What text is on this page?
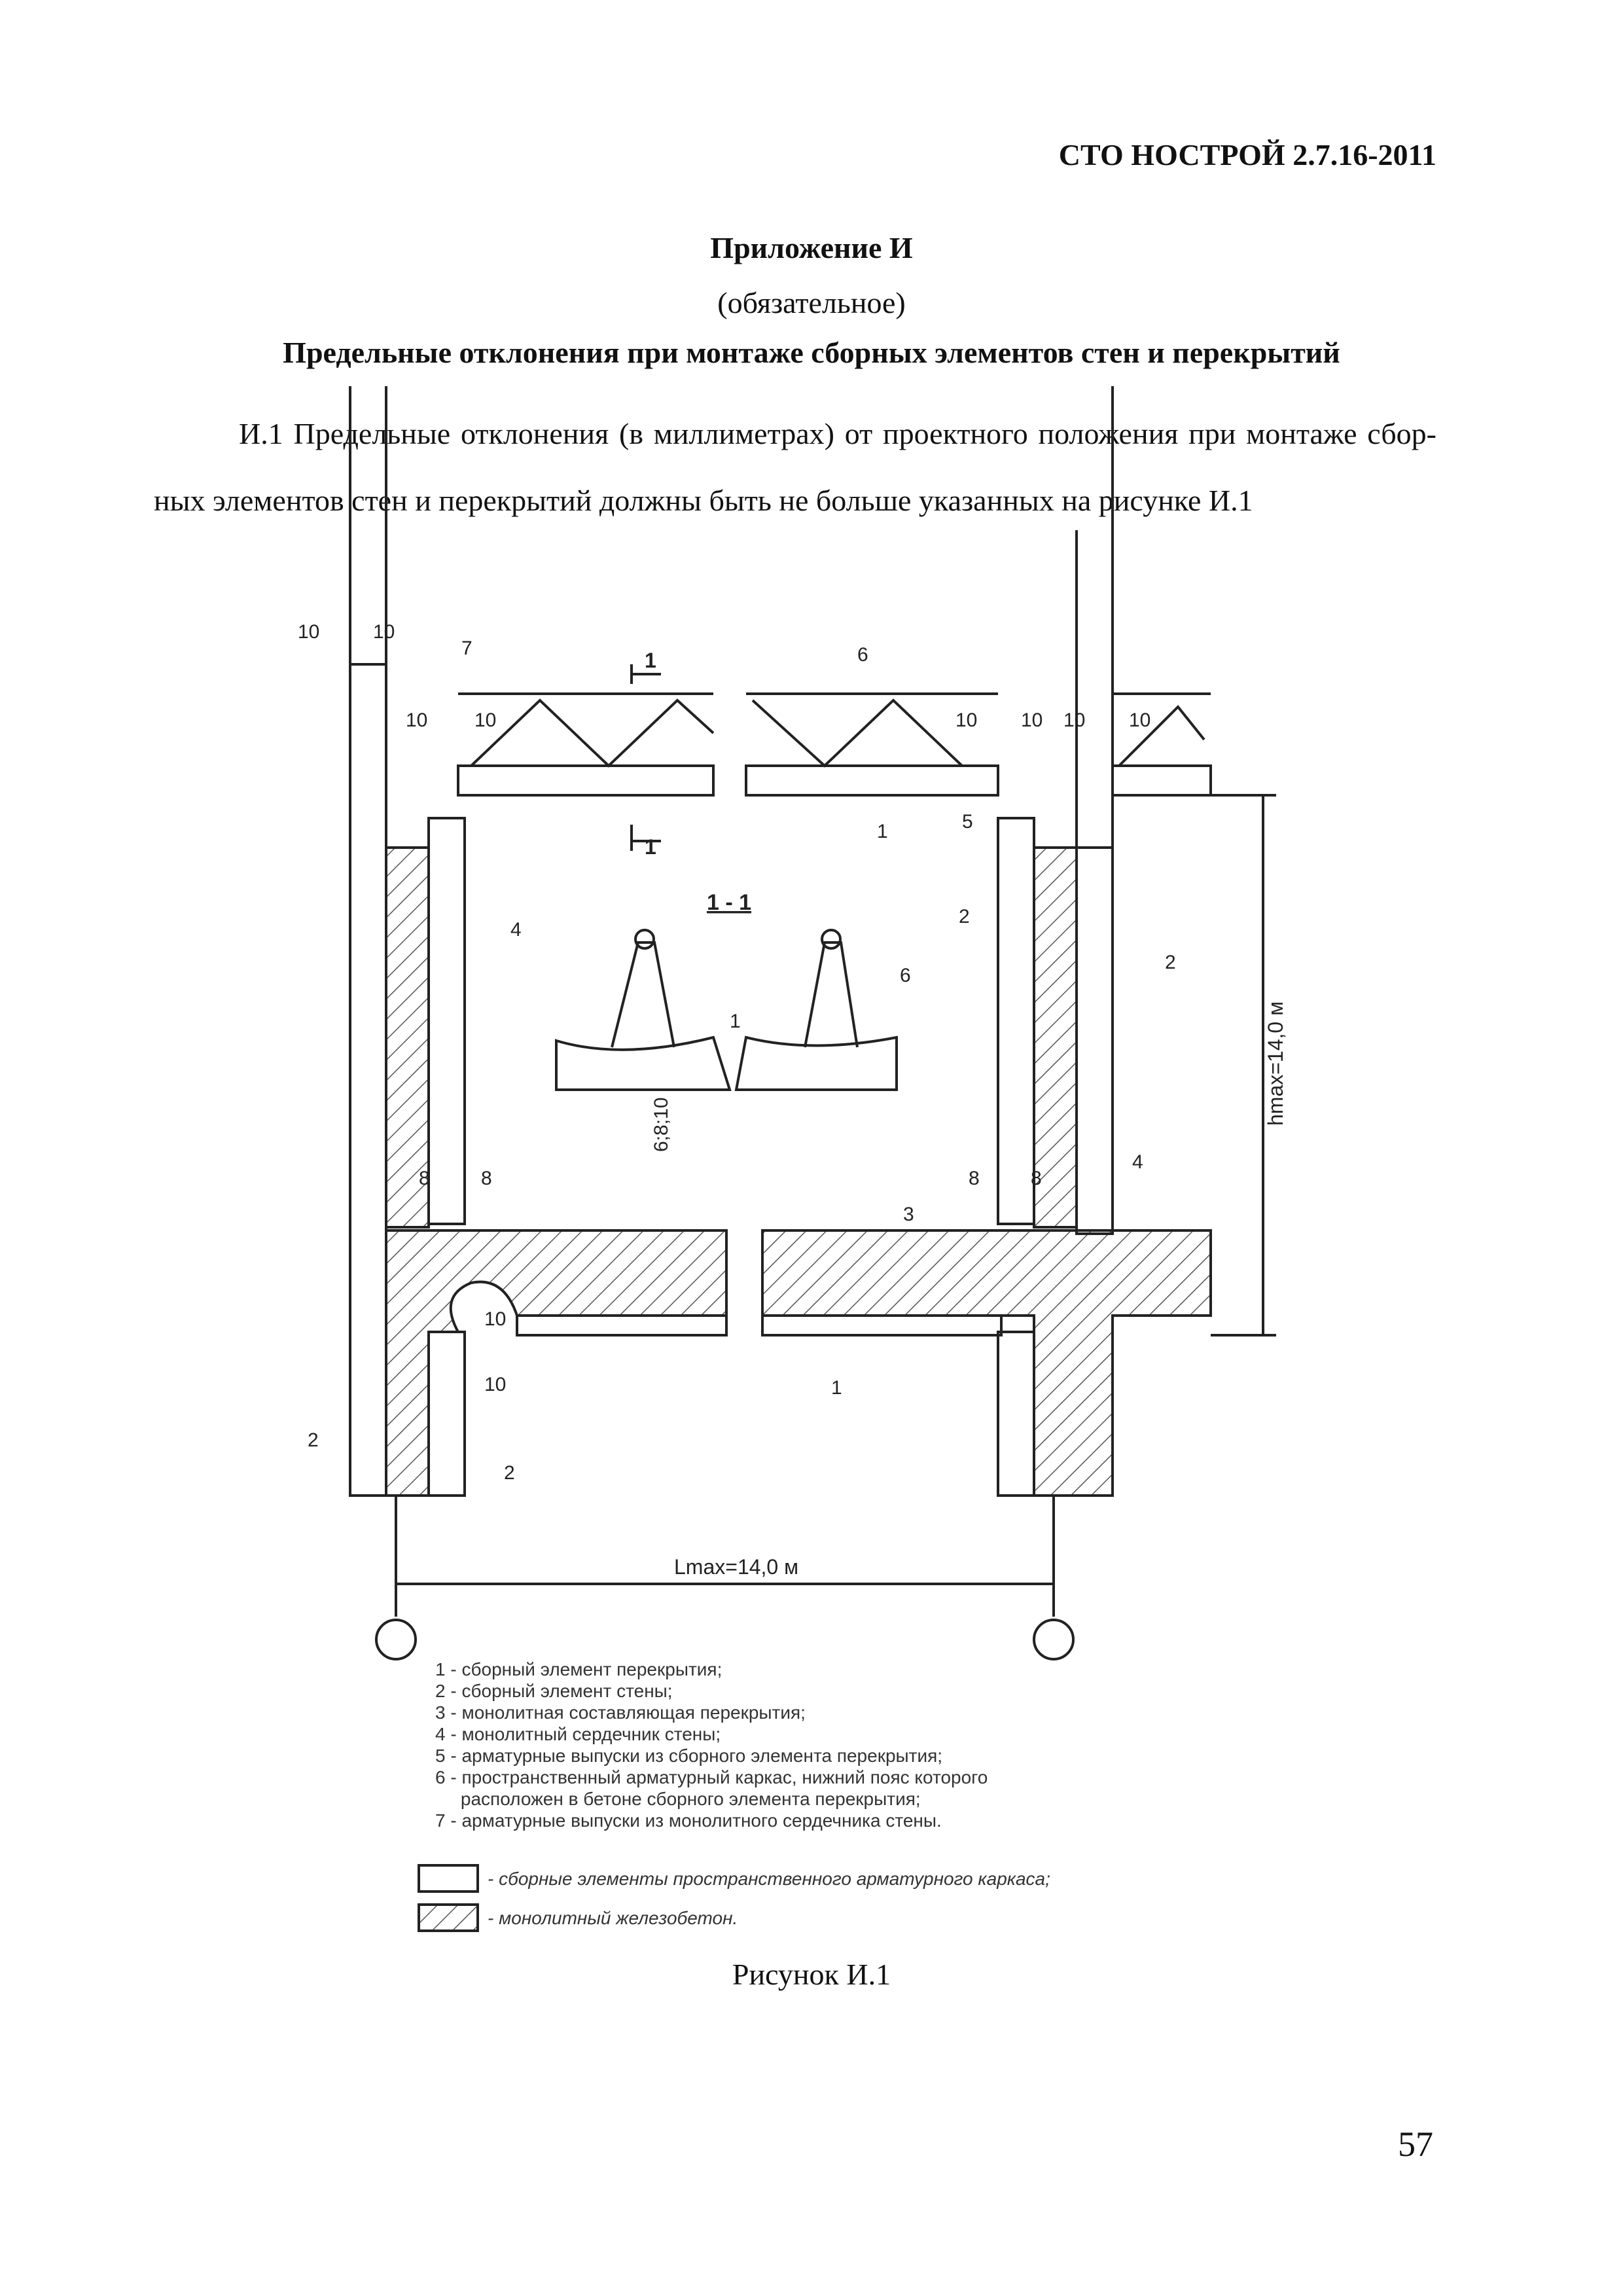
СТО НОСТРОЙ 2.7.16-2011
Приложение И
(обязательное)
Предельные отклонения при монтаже сборных элементов стен и перекрытий
И.1 Предельные отклонения (в миллиметрах) от проектного положения при монтаже сбор-
ных элементов стен и перекрытий должны быть не больше указанных на рисунке И.1
1 - 1
1
1
10	10
10 10	10 10 10 10
10
10
8	8	8	8
6;8;10	hmax=14,0 м
Lmax=14,0 м
7	6
1	5
4
2
2
6
1
4
3
1
2
2
1 - сборный элемент перекрытия;
2 - сборный элемент стены;
3 - монолитная составляющая перекрытия;
4 - монолитный сердечник стены;
5 - арматурные выпуски из сборного элемента перекрытия;
6 - пространственный арматурный каркас, нижний пояс которого
расположен в бетоне сборного элемента перекрытия;
7 - арматурные выпуски из монолитного сердечника стены.
- сборные элементы пространственного арматурного каркаса;
- монолитный железобетон.
Рисунок И.1
57
